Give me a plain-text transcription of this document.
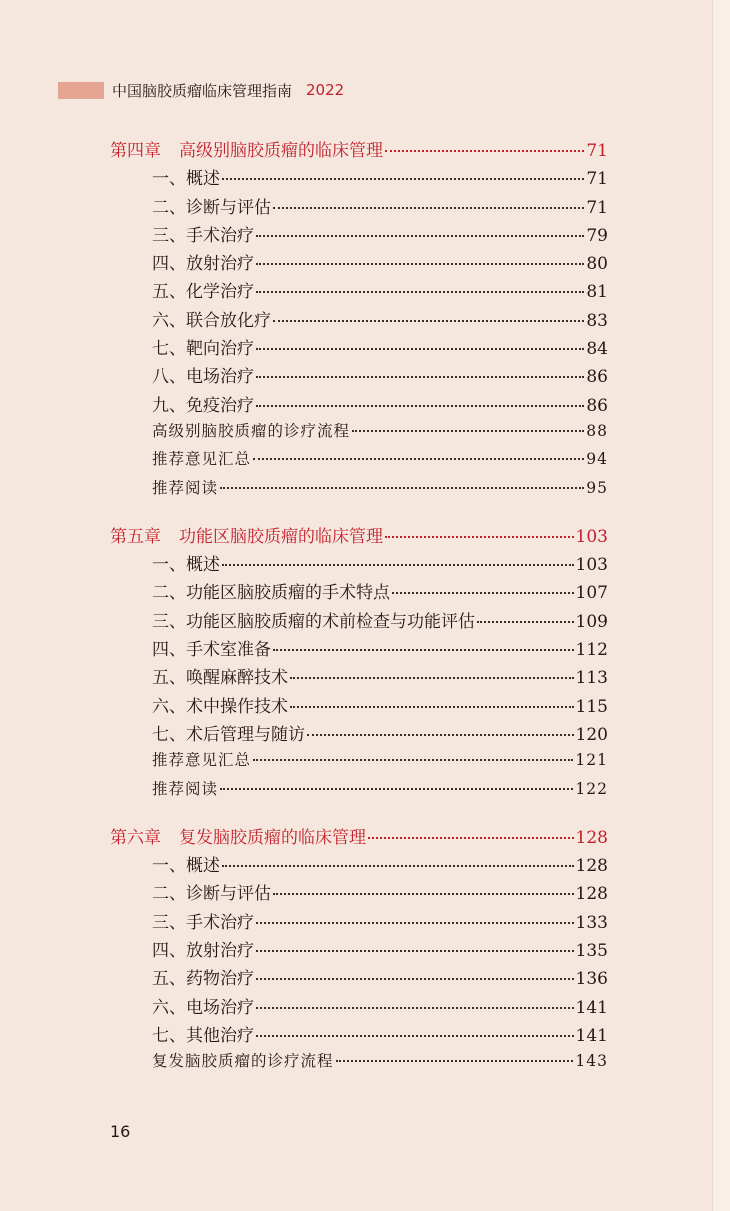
中国脑胶质瘤临床管理指南 2022
第四章 高级别脑胶质瘤的临床管理	71
一、概述	71
二、诊断与评估	71
三、手术治疗	79
四、放射治疗	80
五、化学治疗	81
六、联合放化疗	83
七、靶向治疗	84
八、电场治疗	86
九、免疫治疗	86
高级别脑胶质瘤的诊疗流程	88
推荐意见汇总	94
推荐阅读	95
第五章 功能区脑胶质瘤的临床管理	103
一、概述	103
二、功能区脑胶质瘤的手术特点	107
三、功能区脑胶质瘤的术前检查与功能评估	109
四、手术室准备	112
五、唤醒麻醉技术	113
六、术中操作技术	115
七、术后管理与随访	120
推荐意见汇总	121
推荐阅读	122
第六章 复发脑胶质瘤的临床管理	128
一、概述	128
二、诊断与评估	128
三、手术治疗	133
四、放射治疗	135
五、药物治疗	136
六、电场治疗	141
七、其他治疗	141
复发脑胶质瘤的诊疗流程	143
16
